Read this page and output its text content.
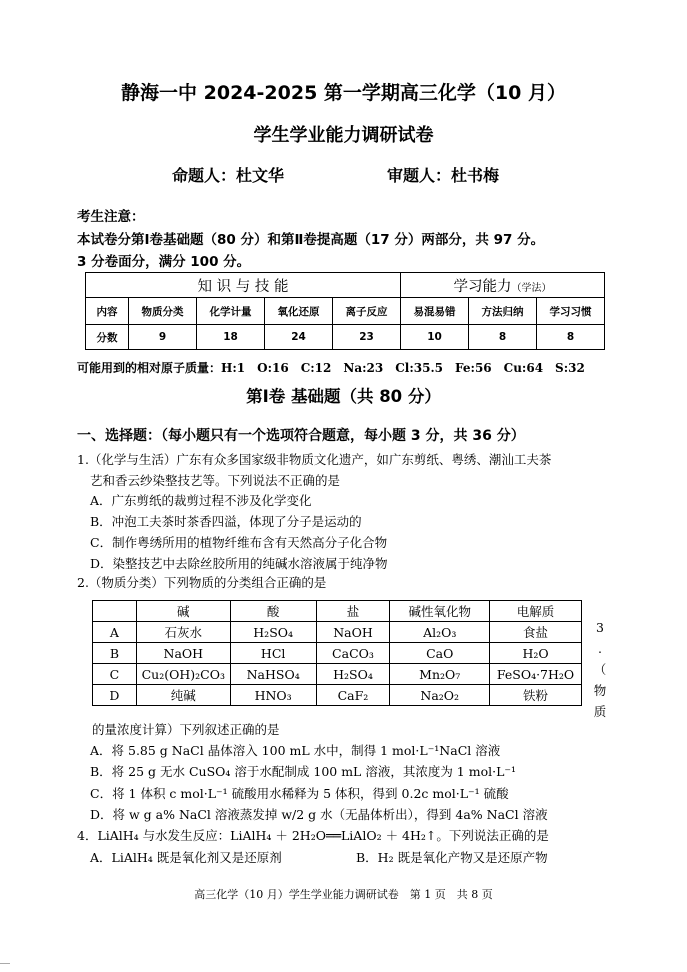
静海一中 2024-2025 第一学期高三化学（10 月）
学生学业能力调研试卷
命题人：杜文华	审题人：杜书梅
考生注意：
本试卷分第Ⅰ卷基础题（80 分）和第Ⅱ卷提高题（17 分）两部分，共 97 分。
3 分卷面分，满分 100 分。
知 识 与 技 能					学习能力（学法）		
内容	物质分类	化学计量	氧化还原	离子反应	易混易错	方法归纳	学习习惯
分数	9	18	24	23	10	8	8
可能用到的相对原子质量：H:1　O:16　C:12　Na:23　Cl:35.5　Fe:56　Cu:64　S:32
第Ⅰ卷 基础题（共 80 分）
一、选择题：（每小题只有一个选项符合题意，每小题 3 分，共 36 分）
1.（化学与生活）广东有众多国家级非物质文化遗产，如广东剪纸、粤绣、潮汕工夫茶
艺和香云纱染整技艺等。下列说法不正确的是
A．广东剪纸的裁剪过程不涉及化学变化
B．冲泡工夫茶时茶香四溢，体现了分子是运动的
C．制作粤绣所用的植物纤维布含有天然高分子化合物
D．染整技艺中去除丝胶所用的纯碱水溶液属于纯净物
2.（物质分类）下列物质的分类组合正确的是
	碱	酸	盐	碱性氧化物	电解质
A	石灰水	H₂SO₄	NaOH	Al₂O₃	食盐
B	NaOH	HCl	CaCO₃	CaO	H₂O
C	Cu₂(OH)₂CO₃	NaHSO₄	H₂SO₄	Mn₂O₇	FeSO₄·7H₂O
D	纯碱	HNO₃	CaF₂	Na₂O₂	铁粉
3
.
（
物
质
的量浓度计算）下列叙述正确的是
A．将 5.85 g NaCl 晶体溶入 100 mL 水中，制得 1 mol·L⁻¹NaCl 溶液
B．将 25 g 无水 CuSO₄ 溶于水配制成 100 mL 溶液，其浓度为 1 mol·L⁻¹
C．将 1 体积 c mol·L⁻¹ 硫酸用水稀释为 5 体积，得到 0.2c mol·L⁻¹ 硫酸
D．将 w g a% NaCl 溶液蒸发掉 w/2 g 水（无晶体析出），得到 4a% NaCl 溶液
4．LiAlH₄ 与水发生反应：LiAlH₄ ＋ 2H₂O══LiAlO₂ ＋ 4H₂↑。下列说法正确的是
A．LiAlH₄ 既是氧化剂又是还原剂	B．H₂ 既是氧化产物又是还原产物
高三化学（10 月）学生学业能力调研试卷　第 1 页　共 8 页
